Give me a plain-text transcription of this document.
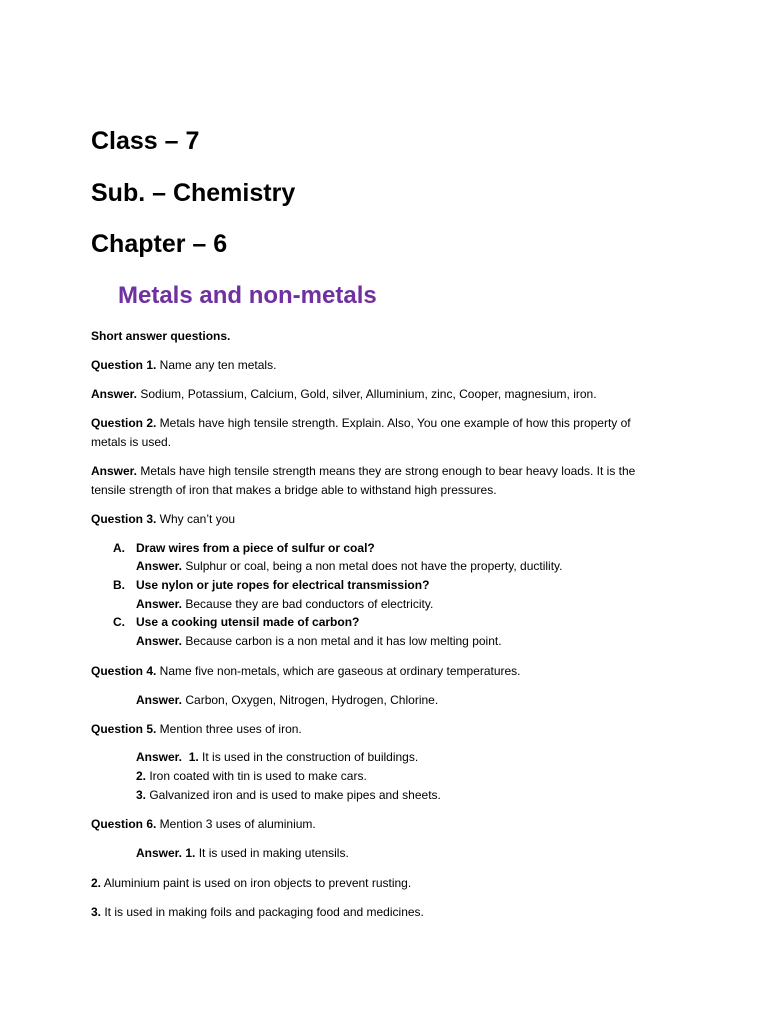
Class – 7
Sub. – Chemistry
Chapter – 6
Metals and non-metals

Short answer questions.

Question 1. Name any ten metals.

Answer. Sodium, Potassium, Calcium, Gold, silver, Alluminium, zinc, Cooper, magnesium, iron.

Question 2. Metals have high tensile strength. Explain. Also, You one example of how this property of

metals is used.

Answer. Metals have high tensile strength means they are strong enough to bear heavy loads. It is the

tensile strength of iron that makes a bridge able to withstand high pressures.

Question 3. Why can’t you

A. Draw wires from a piece of sulfur or coal?

Answer. Sulphur or coal, being a non metal does not have the property, ductility.

B. Use nylon or jute ropes for electrical transmission?

Answer. Because they are bad conductors of electricity.

C. Use a cooking utensil made of carbon?

Answer. Because carbon is a non metal and it has low melting point.

Question 4. Name five non-metals, which are gaseous at ordinary temperatures.

Answer. Carbon, Oxygen, Nitrogen, Hydrogen, Chlorine.

Question 5. Mention three uses of iron.

Answer. 1. It is used in the construction of buildings.

2. Iron coated with tin is used to make cars.

3. Galvanized iron and is used to make pipes and sheets.

Question 6. Mention 3 uses of aluminium.

Answer. 1. It is used in making utensils.

2. Aluminium paint is used on iron objects to prevent rusting.

3. It is used in making foils and packaging food and medicines.
